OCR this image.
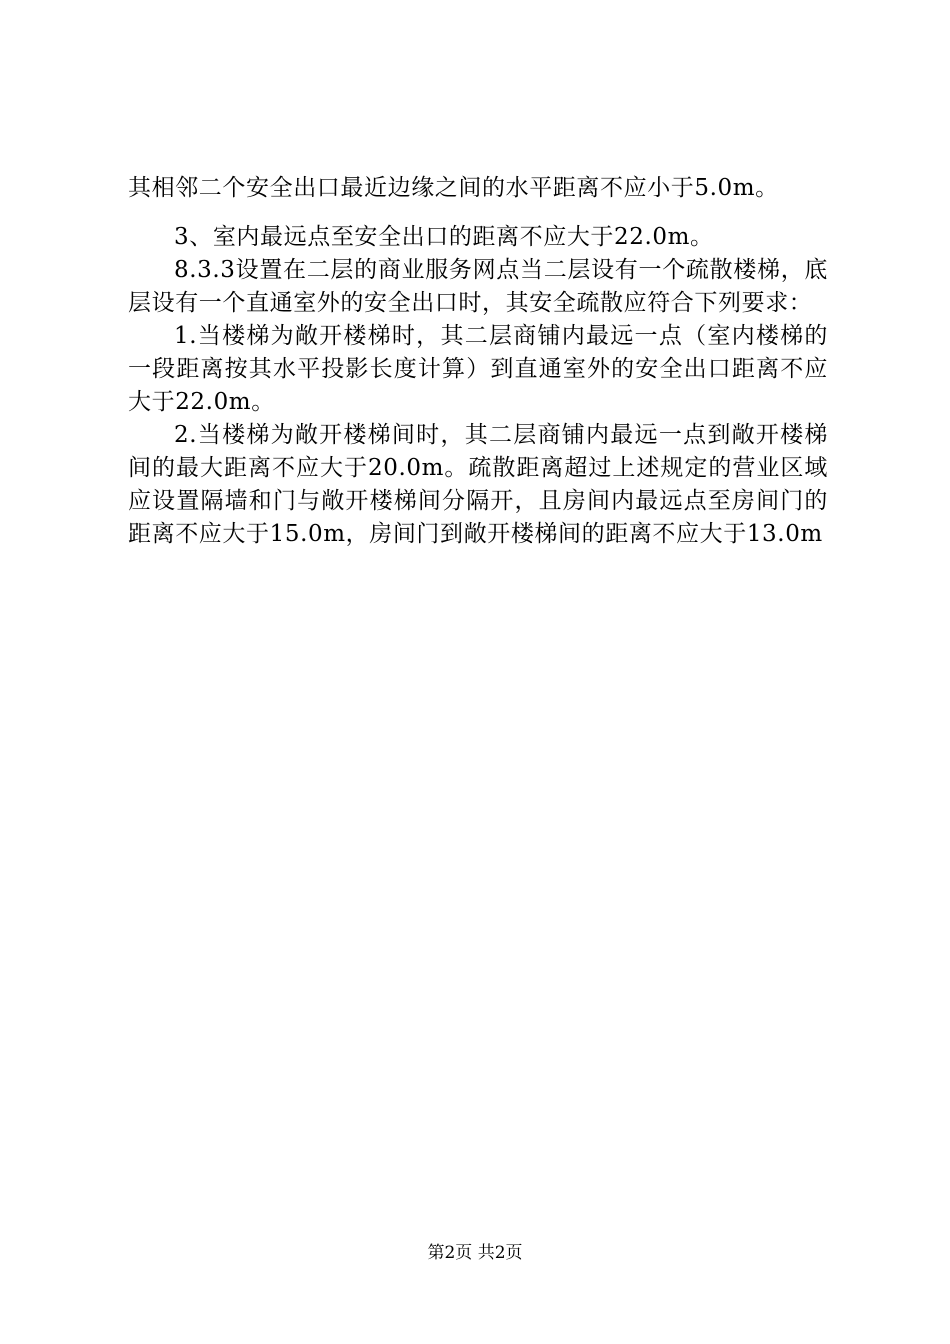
其相邻二个安全出口最近边缘之间的水平距离不应小于5.0m。

3、室内最远点至安全出口的距离不应大于22.0m。

8.3.3设置在二层的商业服务网点当二层设有一个疏散楼梯，底层设有一个直通室外的安全出口时，其安全疏散应符合下列要求：

1.当楼梯为敞开楼梯时，其二层商铺内最远一点（室内楼梯的一段距离按其水平投影长度计算）到直通室外的安全出口距离不应大于22.0m。

2.当楼梯为敞开楼梯间时，其二层商铺内最远一点到敞开楼梯间的最大距离不应大于20.0m。疏散距离超过上述规定的营业区域应设置隔墙和门与敞开楼梯间分隔开，且房间内最远点至房间门的距离不应大于15.0m，房间门到敞开楼梯间的距离不应大于13.0m

第2页 共2页
